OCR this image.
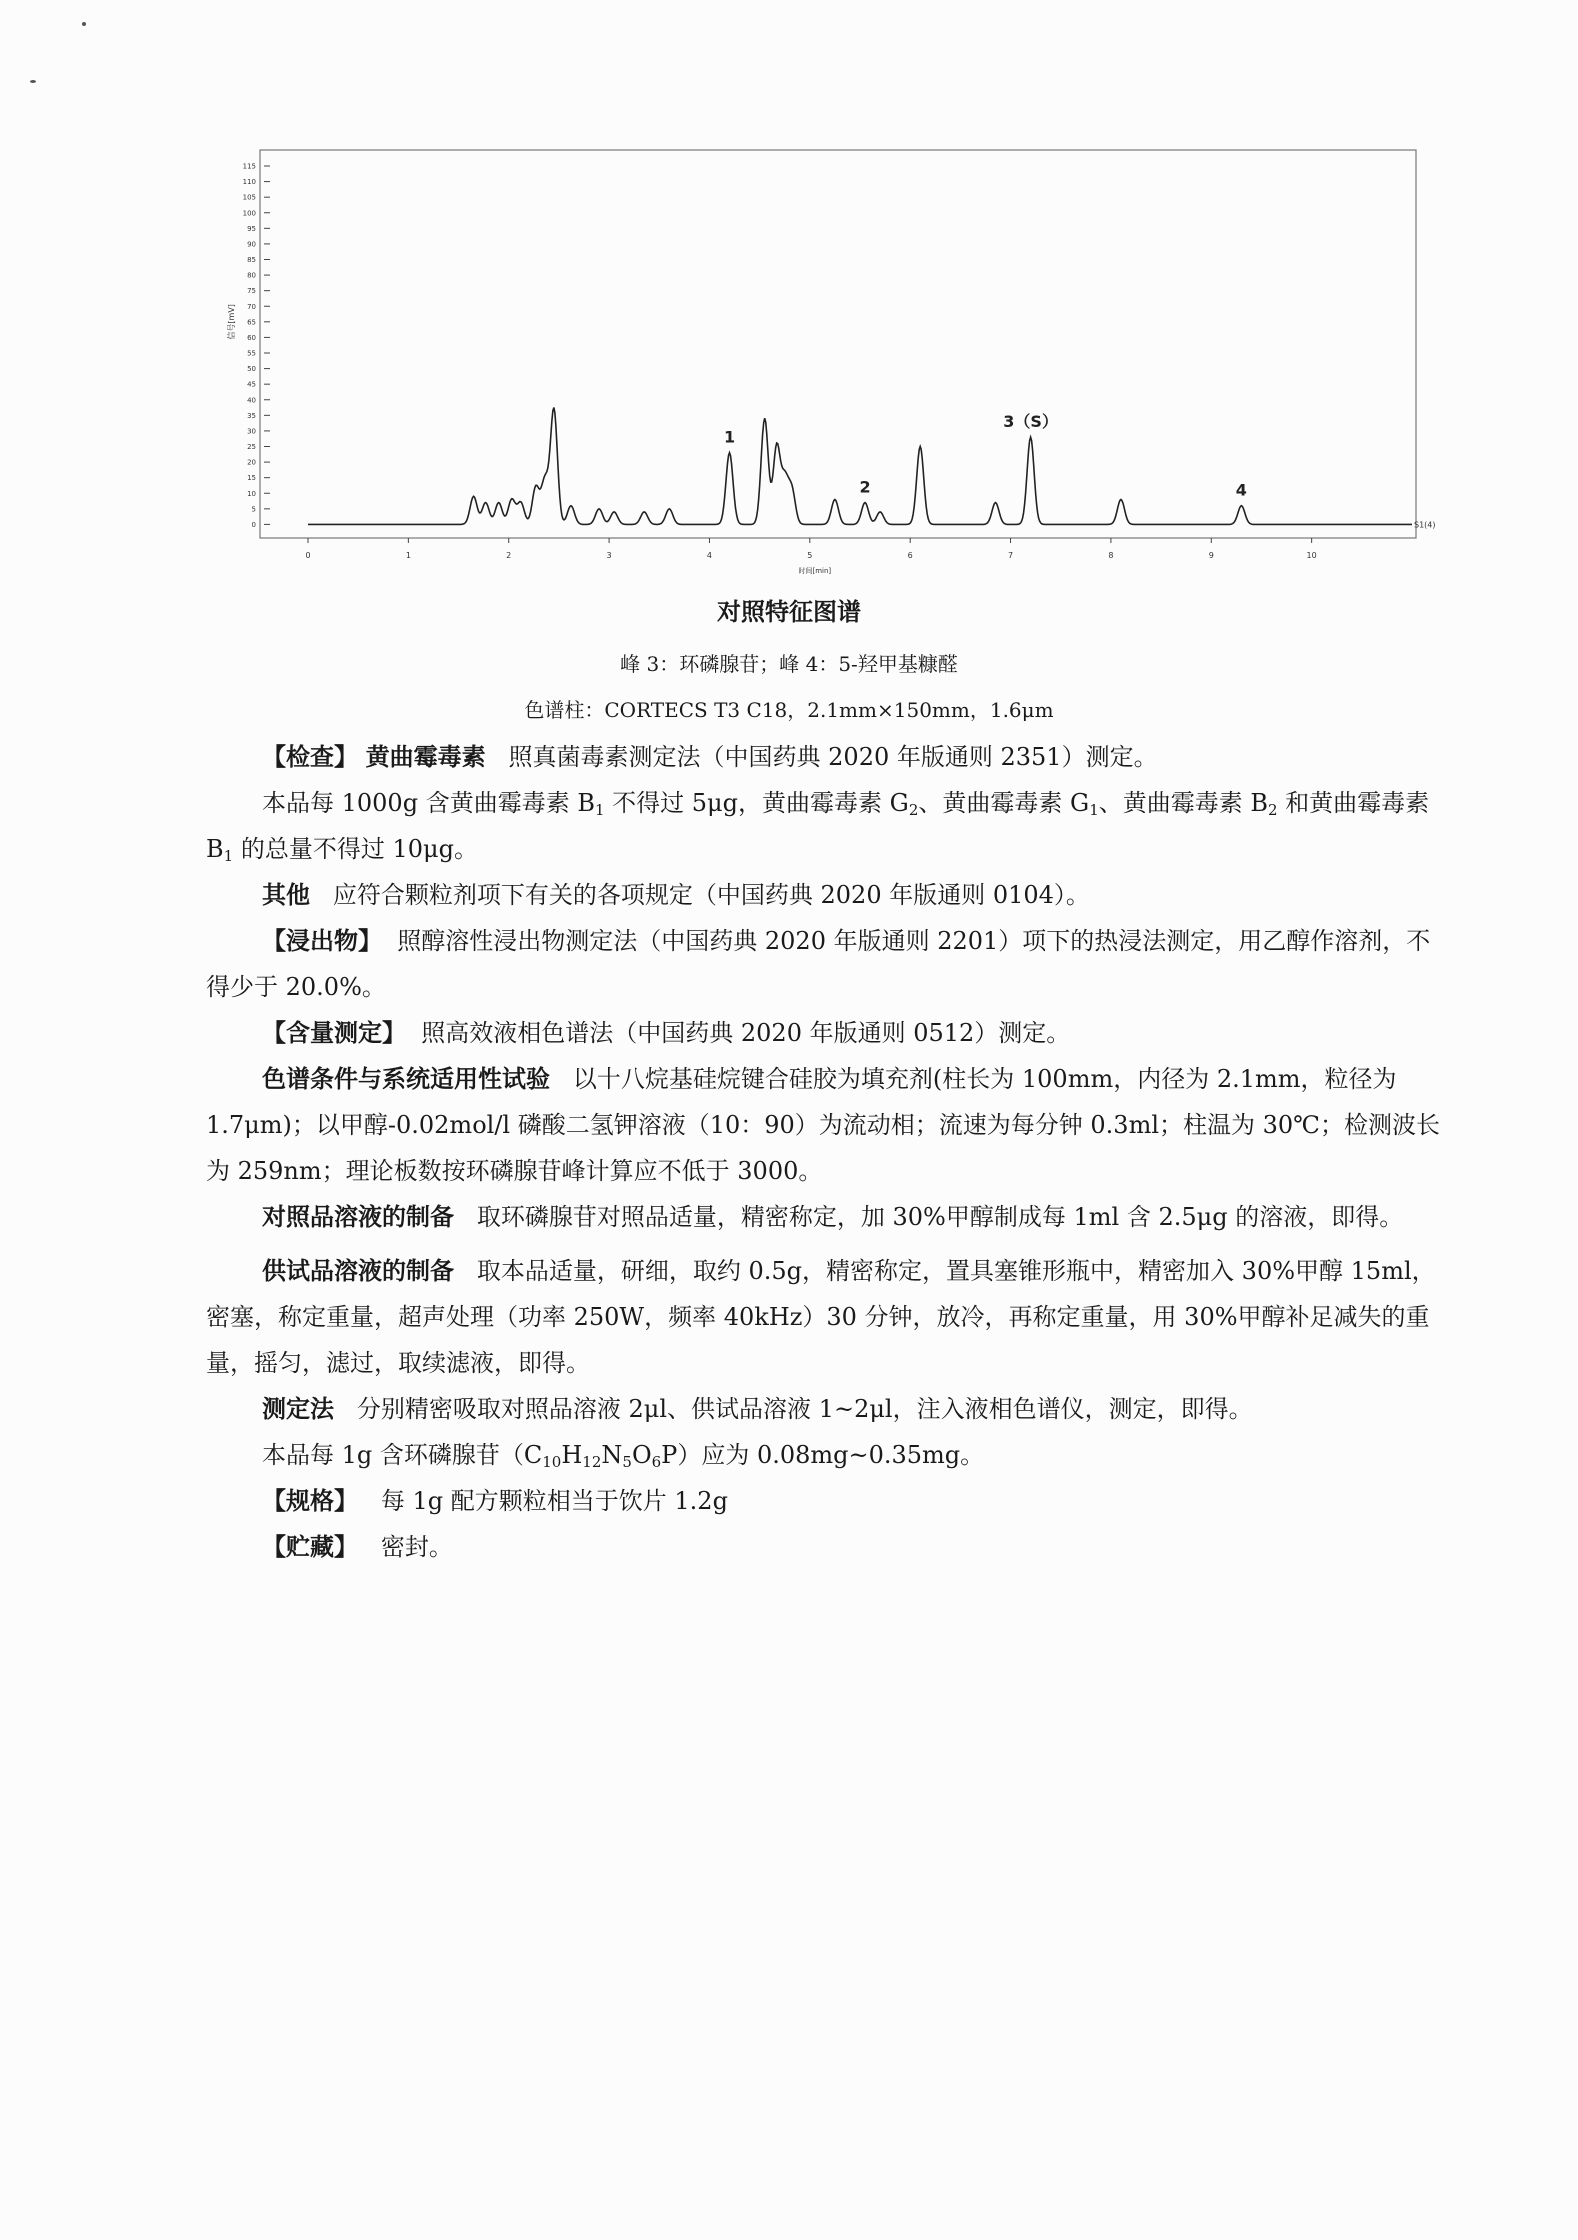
0
5
10
15
20
25
30
35
40
45
50
55
60
65
70
75
80
85
90
95
100
105
110
115
0	1	2	3	4	5	6	7	8	9	10
信号[mV]
时间[min]
S1(4)
1
2
3（S）
4
对照特征图谱
峰 3：环磷腺苷；峰 4：5-羟甲基糠醛
色谱柱：CORTECS T3 C18，2.1mm×150mm，1.6μm

【检查】 黄曲霉毒素 照真菌毒素测定法（中国药典 2020 年版通则 2351）测定。

本品每 1000g 含黄曲霉毒素 $B_1$ 不得过 5μg，黄曲霉毒素 $G_2$、黄曲霉毒素 $G_1$、黄曲霉毒素 $B_2$ 和黄曲霉毒素 $B_1$ 的总量不得过 10μg。

其他 应符合颗粒剂项下有关的各项规定（中国药典 2020 年版通则 0104）。

【浸出物】 照醇溶性浸出物测定法（中国药典 2020 年版通则 2201）项下的热浸法测定，用乙醇作溶剂，不得少于 20.0%。

【含量测定】 照高效液相色谱法（中国药典 2020 年版通则 0512）测定。

色谱条件与系统适用性试验 以十八烷基硅烷键合硅胶为填充剂(柱长为 100mm，内径为 2.1mm，粒径为 1.7μm)；以甲醇-0.02mol/l 磷酸二氢钾溶液（10：90）为流动相；流速为每分钟 0.3ml；柱温为 30℃；检测波长为 259nm；理论板数按环磷腺苷峰计算应不低于 3000。

对照品溶液的制备 取环磷腺苷对照品适量，精密称定，加 30%甲醇制成每 1ml 含 2.5μg 的溶液，即得。

供试品溶液的制备 取本品适量，研细，取约 0.5g，精密称定，置具塞锥形瓶中，精密加入 30%甲醇 15ml，密塞，称定重量，超声处理（功率 250W，频率 40kHz）30 分钟，放冷，再称定重量，用 30%甲醇补足减失的重量，摇匀，滤过，取续滤液，即得。

测定法 分别精密吸取对照品溶液 2μl、供试品溶液 1~2μl，注入液相色谱仪，测定，即得。

本品每 1g 含环磷腺苷$(C_{10}H_{12}N_5O_6P)$应为 0.08mg~0.35mg。

【规格】 每 1g 配方颗粒相当于饮片 1.2g

【贮藏】 密封。
